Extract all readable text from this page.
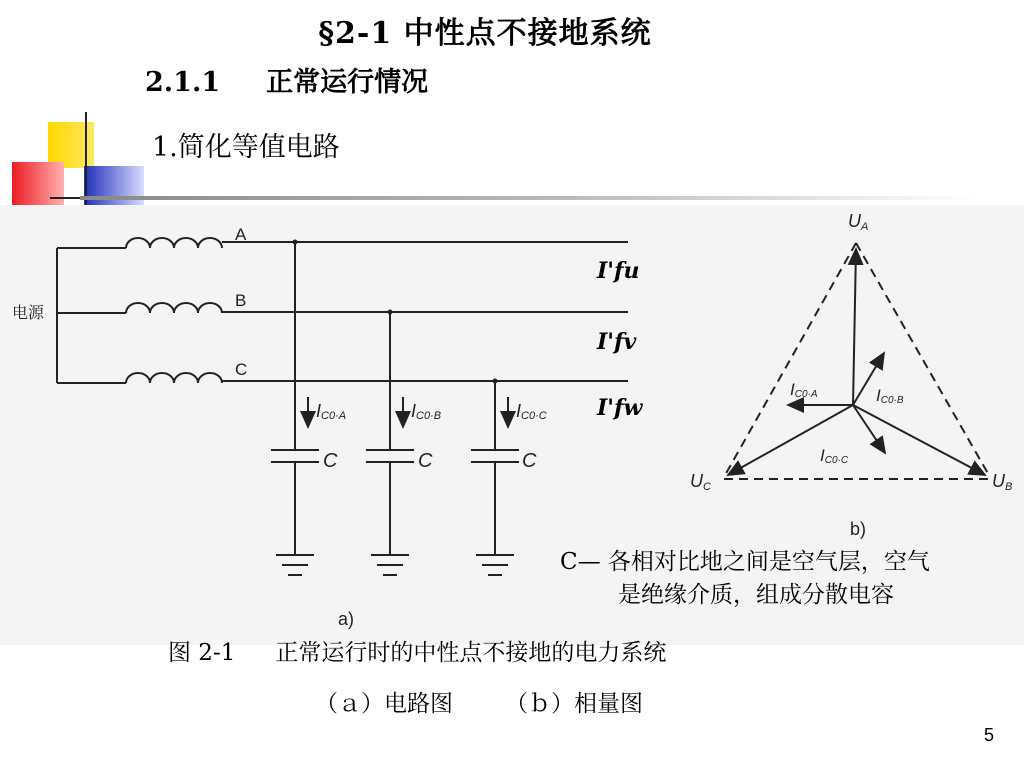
§2-1 中性点不接地系统
2.1.1 正常运行情况
1.简化等值电路
电源
A
B
C
C	C	C
IC0·A	IC0·B	IC0·C
a)
I'fu
I'fv
I'fw
UA
UC	UB
IC0·A	IC0·B
IC0·C
b)
C— 各相对比地之间是空气层，空气
是绝缘介质，组成分散电容
图 2-1 正常运行时的中性点不接地的电力系统
（ａ）电路图 （ｂ）相量图
5
